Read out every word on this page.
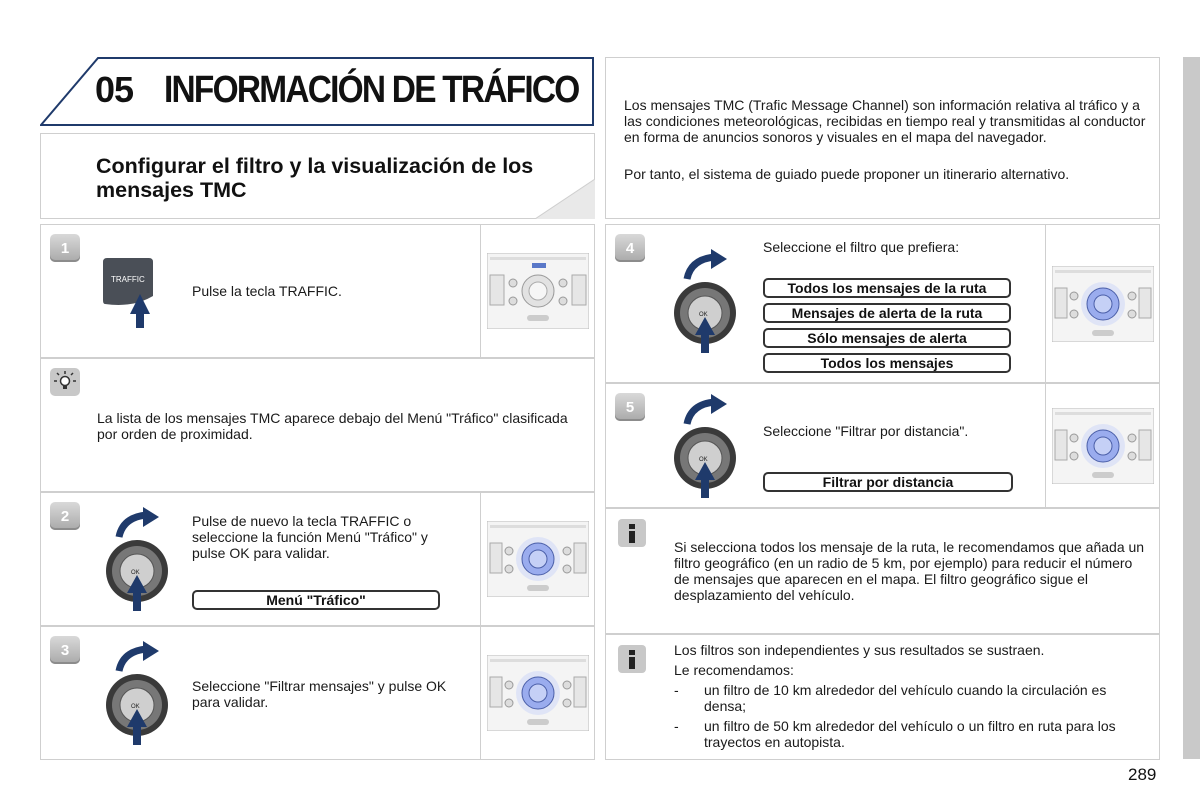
05 INFORMACIÓN DE TRÁFICO
Configurar el filtro y la visualización de los mensajes TMC
Los mensajes TMC (Trafic Message Channel) son información relativa al tráfico y a las condiciones meteorológicas, recibidas en tiempo real y transmitidas al conductor en forma de anuncios sonoros y visuales en el mapa del navegador.
Por tanto, el sistema de guiado puede proponer un itinerario alternativo.
1
TRAFFIC
Pulse la tecla TRAFFIC.
La lista de los mensajes TMC aparece debajo del Menú "Tráfico" clasificada por orden de proximidad.
2
OK
Pulse de nuevo la tecla TRAFFIC o seleccione la función Menú "Tráfico" y pulse OK para validar.
Menú "Tráfico"
3
OK
Seleccione "Filtrar mensajes" y pulse OK para validar.
4
OK
Seleccione el filtro que prefiera:
Todos los mensajes de la ruta
Mensajes de alerta de la ruta
Sólo mensajes de alerta
Todos los mensajes
5
OK
Seleccione "Filtrar por distancia".
Filtrar por distancia
Si selecciona todos los mensaje de la ruta, le recomendamos que añada un filtro geográfico (en un radio de 5 km, por ejemplo) para reducir el número de mensajes que aparecen en el mapa. El filtro geográfico sigue el desplazamiento del vehículo.
Los filtros son independientes y sus resultados se sustraen.
Le recomendamos:
- un filtro de 10 km alrededor del vehículo cuando la circulación es densa;
- un filtro de 50 km alrededor del vehículo o un filtro en ruta para los trayectos en autopista.
289
